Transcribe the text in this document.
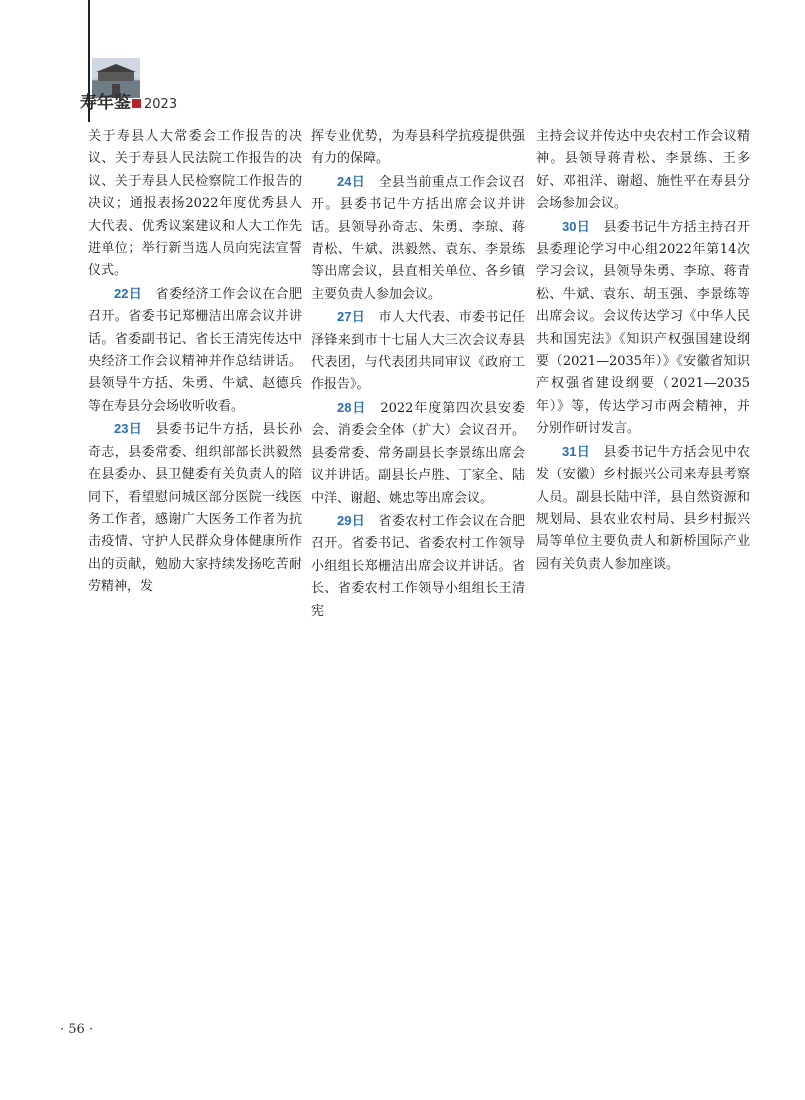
寿年鉴 2023

关于寿县人大常委会工作报告的决议、关于寿县人民法院工作报告的决议、关于寿县人民检察院工作报告的决议；通报表扬2022年度优秀县人大代表、优秀议案建议和人大工作先进单位；举行新当选人员向宪法宣誓仪式。

22日　 省委经济工作会议在合肥召开。省委书记郑栅洁出席会议并讲话。省委副书记、省长王清宪传达中央经济工作会议精神并作总结讲话。县领导牛方括、朱勇、牛斌、赵德兵等在寿县分会场收听收看。

23日　 县委书记牛方括，县长孙奇志，县委常委、组织部部长洪毅然在县委办、县卫健委有关负责人的陪同下，看望慰问城区部分医院一线医务工作者，感谢广大医务工作者为抗击疫情、守护人民群众身体健康所作出的贡献，勉励大家持续发扬吃苦耐劳精神，发

挥专业优势，为寿县科学抗疫提供强有力的保障。

24日　 全县当前重点工作会议召开。县委书记牛方括出席会议并讲话。县领导孙奇志、朱勇、李琼、蒋青松、牛斌、洪毅然、袁东、李景练等出席会议，县直相关单位、各乡镇主要负责人参加会议。

27日　 市人大代表、市委书记任泽锋来到市十七届人大三次会议寿县代表团，与代表团共同审议《政府工作报告》。

28日　 2022年度第四次县安委会、消委会全体（扩大）会议召开。县委常委、常务副县长李景练出席会议并讲话。副县长卢胜、丁家全、陆中洋、谢超、姚忠等出席会议。

29日　 省委农村工作会议在合肥召开。省委书记、省委农村工作领导小组组长郑栅洁出席会议并讲话。省长、省委农村工作领导小组组长王清宪

主持会议并传达中央农村工作会议精神。县领导蒋青松、李景练、王多好、邓祖洋、谢超、施性平在寿县分会场参加会议。

30日　 县委书记牛方括主持召开县委理论学习中心组2022年第14次学习会议，县领导朱勇、李琼、蒋青松、牛斌、袁东、胡玉强、李景练等出席会议。会议传达学习《中华人民共和国宪法》《知识产权强国建设纲要（2021—2035年）》《安徽省知识产权强省建设纲要（2021—2035年）》等，传达学习市两会精神，并分别作研讨发言。

31日　 县委书记牛方括会见中农发（安徽）乡村振兴公司来寿县考察人员。副县长陆中洋，县自然资源和规划局、县农业农村局、县乡村振兴局等单位主要负责人和新桥国际产业园有关负责人参加座谈。

· 56 ·
